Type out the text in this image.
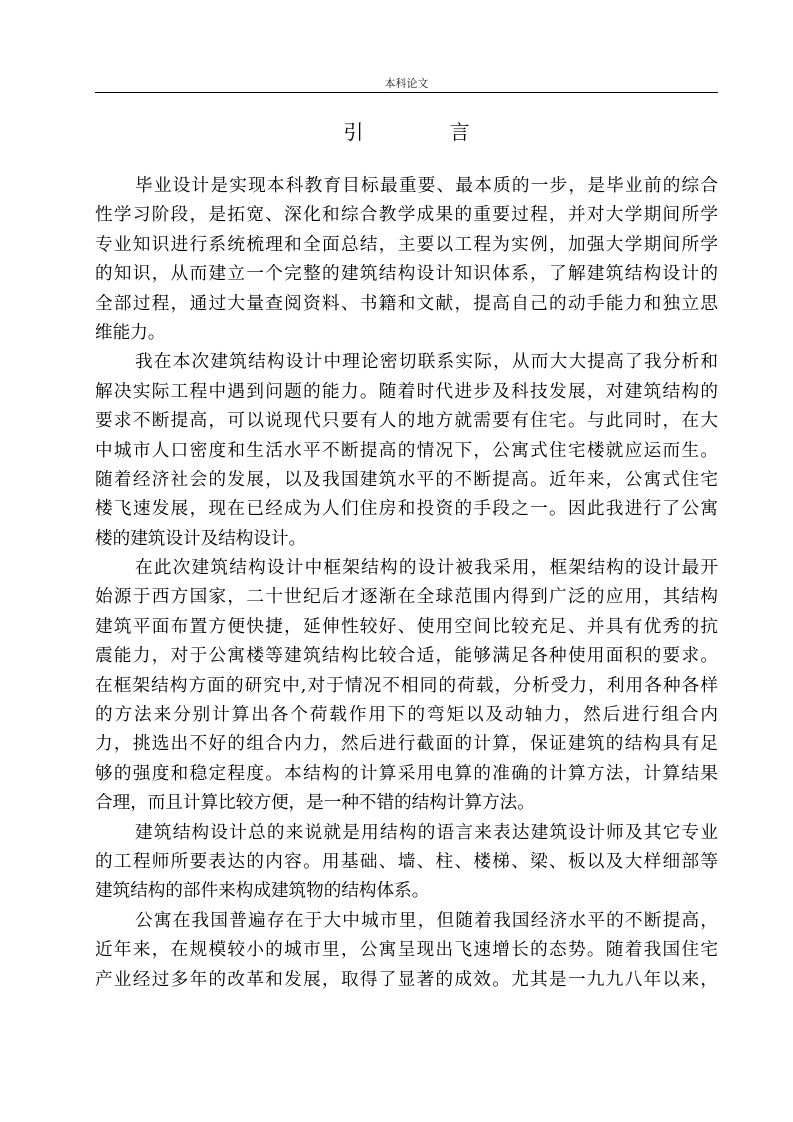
本科论文
引 言
毕业设计是实现本科教育目标最重要、最本质的一步，是毕业前的综合
性学习阶段，是拓宽、深化和综合教学成果的重要过程，并对大学期间所学
专业知识进行系统梳理和全面总结，主要以工程为实例，加强大学期间所学
的知识，从而建立一个完整的建筑结构设计知识体系，了解建筑结构设计的
全部过程，通过大量查阅资料、书籍和文献，提高自己的动手能力和独立思
维能力。
我在本次建筑结构设计中理论密切联系实际，从而大大提高了我分析和
解决实际工程中遇到问题的能力。随着时代进步及科技发展，对建筑结构的
要求不断提高，可以说现代只要有人的地方就需要有住宅。与此同时，在大
中城市人口密度和生活水平不断提高的情况下，公寓式住宅楼就应运而生。
随着经济社会的发展，以及我国建筑水平的不断提高。近年来，公寓式住宅
楼飞速发展，现在已经成为人们住房和投资的手段之一。因此我进行了公寓
楼的建筑设计及结构设计。
在此次建筑结构设计中框架结构的设计被我采用，框架结构的设计最开
始源于西方国家，二十世纪后才逐渐在全球范围内得到广泛的应用，其结构
建筑平面布置方便快捷，延伸性较好、使用空间比较充足、并具有优秀的抗
震能力，对于公寓楼等建筑结构比较合适，能够满足各种使用面积的要求。
在框架结构方面的研究中,对于情况不相同的荷载，分析受力，利用各种各样
的方法来分别计算出各个荷载作用下的弯矩以及动轴力，然后进行组合内
力，挑选出不好的组合内力，然后进行截面的计算，保证建筑的结构具有足
够的强度和稳定程度。本结构的计算采用电算的准确的计算方法，计算结果
合理，而且计算比较方便，是一种不错的结构计算方法。
建筑结构设计总的来说就是用结构的语言来表达建筑设计师及其它专业
的工程师所要表达的内容。用基础、墙、柱、楼梯、梁、板以及大样细部等
建筑结构的部件来构成建筑物的结构体系。
公寓在我国普遍存在于大中城市里，但随着我国经济水平的不断提高，
近年来，在规模较小的城市里，公寓呈现出飞速增长的态势。随着我国住宅
产业经过多年的改革和发展，取得了显著的成效。尤其是一九九八年以来，
